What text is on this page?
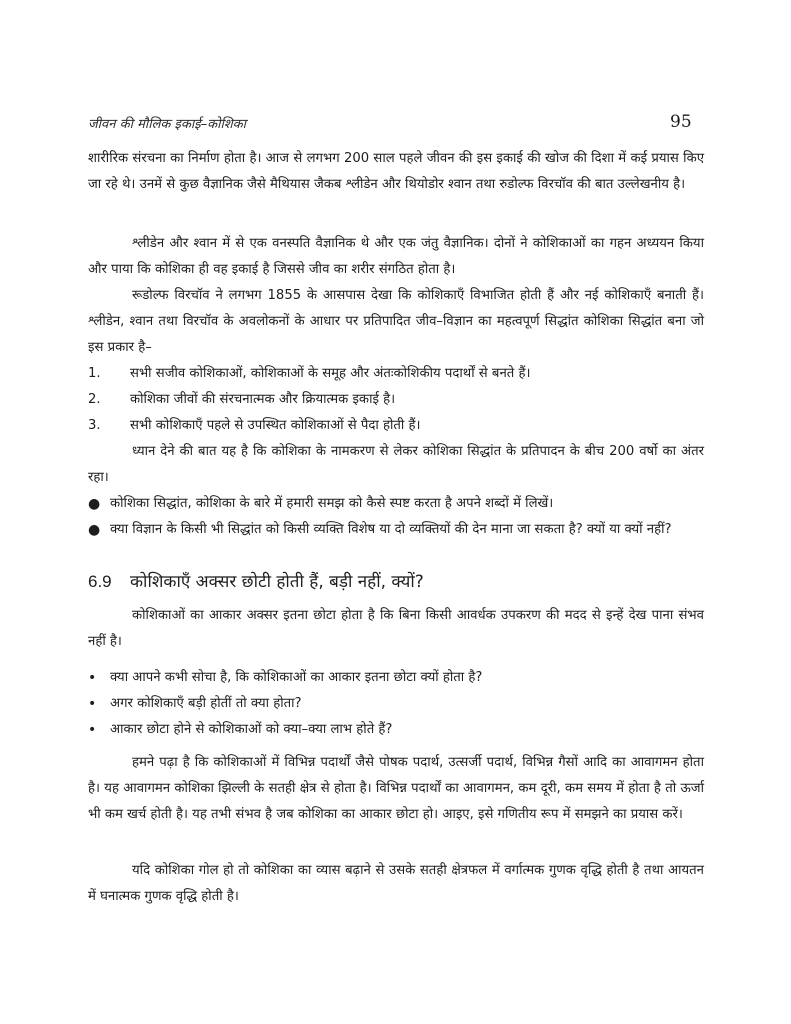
जीवन की मौलिक इकाई–कोशिका	95

शारीरिक संरचना का निर्माण होता है। आज से लगभग 200 साल पहले जीवन की इस इकाई की खोज की दिशा में कई प्रयास किए जा रहे थे। उनमें से कुछ वैज्ञानिक जैसे मैथियास जैकब श्लीडेन और थियोडोर श्वान तथा रुडोल्फ विरचॉव की बात उल्लेखनीय है।

श्लीडेन और श्वान में से एक वनस्पति वैज्ञानिक थे और एक जंतु वैज्ञानिक। दोनों ने कोशिकाओं का गहन अध्ययन किया और पाया कि कोशिका ही वह इकाई है जिससे जीव का शरीर संगठित होता है।

रूडोल्फ विरचॉव ने लगभग 1855 के आसपास देखा कि कोशिकाएँ विभाजित होती हैं और नई कोशिकाएँ बनाती हैं। श्लीडेन, श्वान तथा विरचॉव के अवलोकनों के आधार पर प्रतिपादित जीव–विज्ञान का महत्वपूर्ण सिद्धांत कोशिका सिद्धांत बना जो इस प्रकार है–

1.	सभी सजीव कोशिकाओं, कोशिकाओं के समूह और अंतःकोशिकीय पदार्थों से बनते हैं।
2.	कोशिका जीवों की संरचनात्मक और क्रियात्मक इकाई है।
3.	सभी कोशिकाएँ पहले से उपस्थित कोशिकाओं से पैदा होती हैं।

ध्यान देने की बात यह है कि कोशिका के नामकरण से लेकर कोशिका सिद्धांत के प्रतिपादन के बीच 200 वर्षो का अंतर रहा।

● कोशिका सिद्धांत, कोशिका के बारे में हमारी समझ को कैसे स्पष्ट करता है अपने शब्दों में लिखें।
● क्या विज्ञान के किसी भी सिद्धांत को किसी व्यक्ति विशेष या दो व्यक्तियों की देन माना जा सकता है? क्यों या क्यों नहीं?
6.9 कोशिकाएँ अक्सर छोटी होती हैं, बड़ी नहीं, क्यों?

कोशिकाओं का आकार अक्सर इतना छोटा होता है कि बिना किसी आवर्धक उपकरण की मदद से इन्हें देख पाना संभव नहीं है।

• क्या आपने कभी सोचा है, कि कोशिकाओं का आकार इतना छोटा क्यों होता है?
• अगर कोशिकाएँ बड़ी होतीं तो क्या होता?
• आकार छोटा होने से कोशिकाओं को क्या–क्या लाभ होते हैं?

हमने पढ़ा है कि कोशिकाओं में विभिन्न पदार्थों जैसे पोषक पदार्थ, उत्सर्जी पदार्थ, विभिन्न गैसों आदि का आवागमन होता है। यह आवागमन कोशिका झिल्ली के सतही क्षेत्र से होता है। विभिन्न पदार्थों का आवागमन, कम दूरी, कम समय में होता है तो ऊर्जा भी कम खर्च होती है। यह तभी संभव है जब कोशिका का आकार छोटा हो। आइए, इसे गणितीय रूप में समझने का प्रयास करें।

यदि कोशिका गोल हो तो कोशिका का व्यास बढ़ाने से उसके सतही क्षेत्रफल में वर्गात्मक गुणक वृद्धि होती है तथा आयतन में घनात्मक गुणक वृद्धि होती है।
